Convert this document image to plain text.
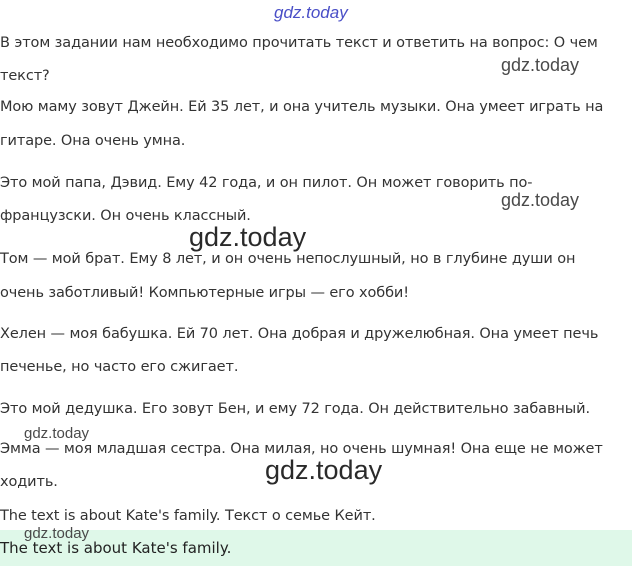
gdz.today

В этом задании нам необходимо прочитать текст и ответить на вопрос: О чем

текст?

Мою маму зовут Джейн. Ей 35 лет, и она учитель музыки. Она умеет играть на

гитаре. Она очень умна.

Это мой папа, Дэвид. Ему 42 года, и он пилот. Он может говорить по-

французски. Он очень классный.

Том — мой брат. Ему 8 лет, и он очень непослушный, но в глубине души он

очень заботливый! Компьютерные игры — его хобби!

Хелен — моя бабушка. Ей 70 лет. Она добрая и дружелюбная. Она умеет печь

печенье, но часто его сжигает.

Это мой дедушка. Его зовут Бен, и ему 72 года. Он действительно забавный.

Эмма — моя младшая сестра. Она милая, но очень шумная! Она еще не может

ходить.

The text is about Kate's family. Текст о семье Кейт.

The text is about Kate's family.

gdz.today
gdz.today
gdz.today
gdz.today
gdz.today
gdz.today
